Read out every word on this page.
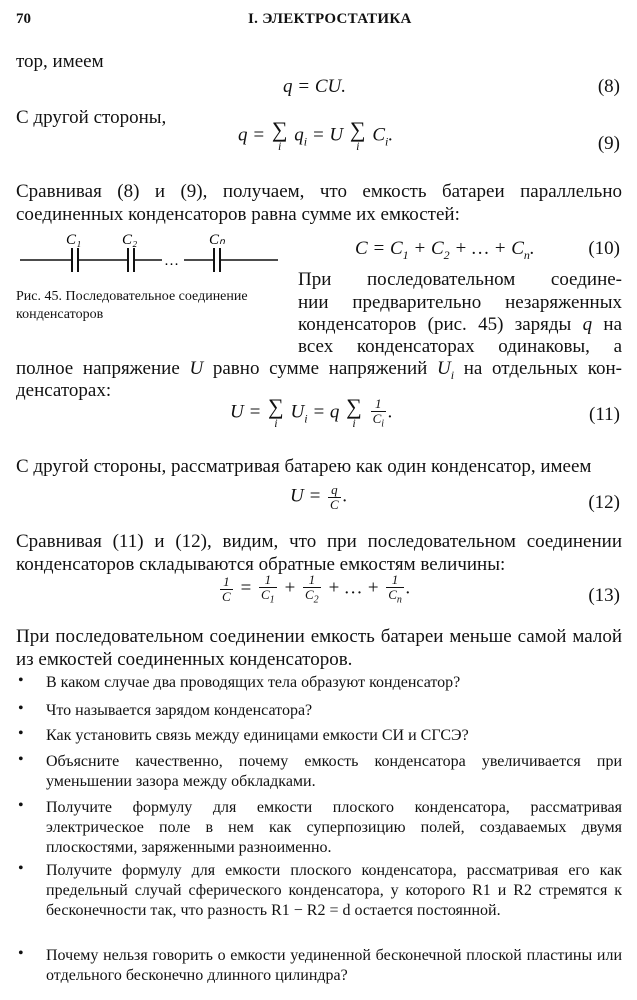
70	I. ЭЛЕКТРОСТАТИКА
тор, имеем
q = CU.	(8)
С другой стороны,
q = ∑
i
$q_i = U$ ∑
i
$C_i$.	(9)
Сравнивая (8) и (9), получаем, что емкость батареи параллельно соединенных конденсаторов равна сумме их емкостей:
…
C₁	C₂	Cₙ	$C = C_1 + C_2$ + … + $C_n$.	(10)
Рис. 45. Последовательное соединение конденсаторов
При последовательном соедине-
нии предварительно незаряженных
конденсаторов (рис. 45) заряды q на
всех конденсаторах одинаковы, а
полное напряжение U равно сумме напряжений $U_i$ на отдельных кон-
денсаторах:
U = ∑
i
$U_i = q$ ∑
i
	$\frac{1}{C_i}$ .	(11)
С другой стороны, рассматривая батарею как один конденсатор, имеем
$U = \frac{q}{C}$ .	(12)
Сравнивая (11) и (12), видим, что при последовательном соединении конденсаторов складываются обратные емкостям величины:
$\frac{1}{C} = \frac{1}{C_1} + \frac{1}{C_2}$ + … + $\frac{1}{C_n}$ .	(13)
При последовательном соединении емкость батареи меньше самой малой из емкостей соединенных конденсаторов.
• В каком случае два проводящих тела образуют конденсатор?
• Что называется зарядом конденсатора?
• Как установить связь между единицами емкости СИ и СГСЭ?
• Объясните качественно, почему емкость конденсатора увеличивается при уменьшении зазора между обкладками.
• Получите формулу для емкости плоского конденсатора, рассматривая электрическое поле в нем как суперпозицию полей, создаваемых двумя плоскостями, заряженными разноименно.
• Получите формулу для емкости плоского конденсатора, рассматривая его как предельный случай сферического конденсатора, у которого R1 и R2 стремятся к бесконечности так, что разность R1 − R2 = d остается постоянной.
• Почему нельзя говорить о емкости уединенной бесконечной плоской пластины или отдельного бесконечно длинного цилиндра?
